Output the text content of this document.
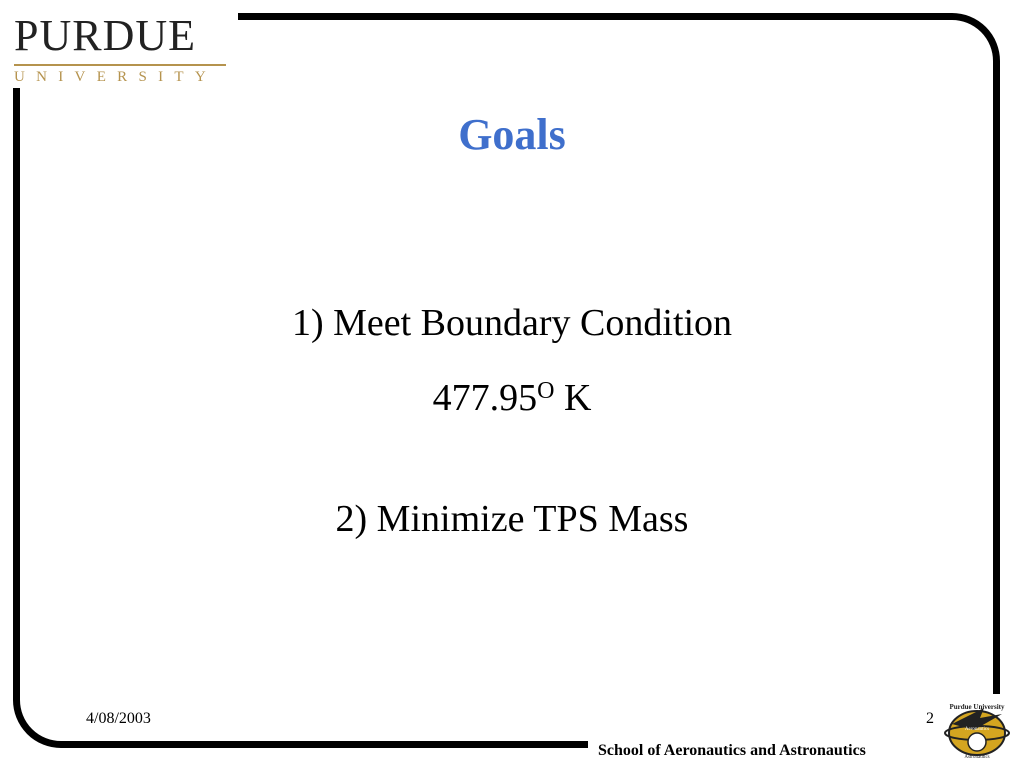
PURDUE
UNIVERSITY
Goals
1) Meet Boundary Condition
$477.95^O$ K
2) Minimize TPS Mass
4/08/2003	2
School of Aeronautics and Astronautics
Purdue University
Aeronautics
Astronautics
